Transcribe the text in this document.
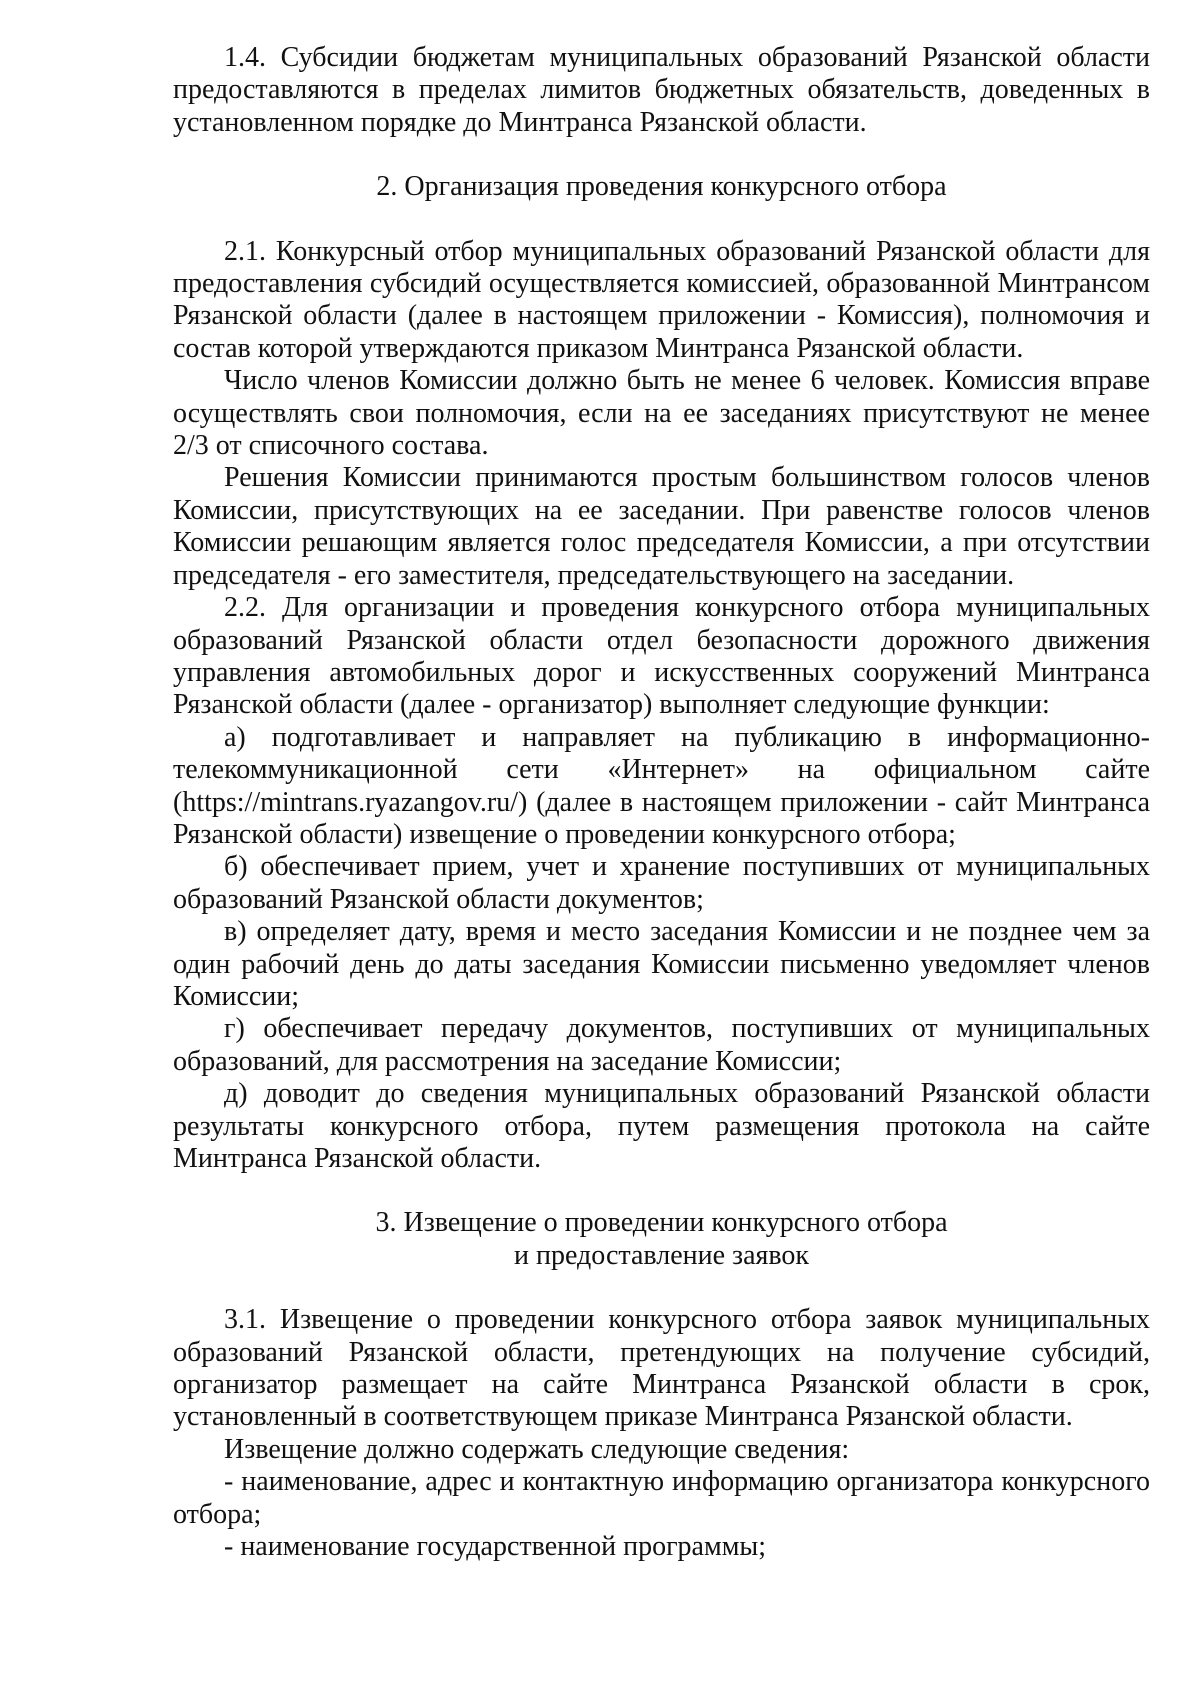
1.4. Субсидии бюджетам муниципальных образований Рязанской области предоставляются в пределах лимитов бюджетных обязательств, доведенных в установленном порядке до Минтранса Рязанской области.

2. Организация проведения конкурсного отбора

2.1. Конкурсный отбор муниципальных образований Рязанской области для предоставления субсидий осуществляется комиссией, образованной Минтрансом Рязанской области (далее в настоящем приложении - Комиссия), полномочия и состав которой утверждаются приказом Минтранса Рязанской области.

Число членов Комиссии должно быть не менее 6 человек. Комиссия вправе осуществлять свои полномочия, если на ее заседаниях присутствуют не менее 2/3 от списочного состава.

Решения Комиссии принимаются простым большинством голосов членов Комиссии, присутствующих на ее заседании. При равенстве голосов членов Комиссии решающим является голос председателя Комиссии, а при отсутствии председателя - его заместителя, председательствующего на заседании.

2.2. Для организации и проведения конкурсного отбора муниципальных образований Рязанской области отдел безопасности дорожного движения управления автомобильных дорог и искусственных сооружений Минтранса Рязанской области (далее - организатор) выполняет следующие функции:

а) подготавливает и направляет на публикацию в информационно-телекоммуникационной сети «Интернет» на официальном сайте (https://mintrans.ryazangov.ru/) (далее в настоящем приложении - сайт Минтранса Рязанской области) извещение о проведении конкурсного отбора;

б) обеспечивает прием, учет и хранение поступивших от муниципальных образований Рязанской области документов;

в) определяет дату, время и место заседания Комиссии и не позднее чем за один рабочий день до даты заседания Комиссии письменно уведомляет членов Комиссии;

г) обеспечивает передачу документов, поступивших от муниципальных образований, для рассмотрения на заседание Комиссии;

д) доводит до сведения муниципальных образований Рязанской области результаты конкурсного отбора, путем размещения протокола на сайте Минтранса Рязанской области.

3. Извещение о проведении конкурсного отбора

и предоставление заявок

3.1. Извещение о проведении конкурсного отбора заявок муниципальных образований Рязанской области, претендующих на получение субсидий, организатор размещает на сайте Минтранса Рязанской области в срок, установленный в соответствующем приказе Минтранса Рязанской области.

Извещение должно содержать следующие сведения:

- наименование, адрес и контактную информацию организатора конкурсного отбора;

- наименование государственной программы;
